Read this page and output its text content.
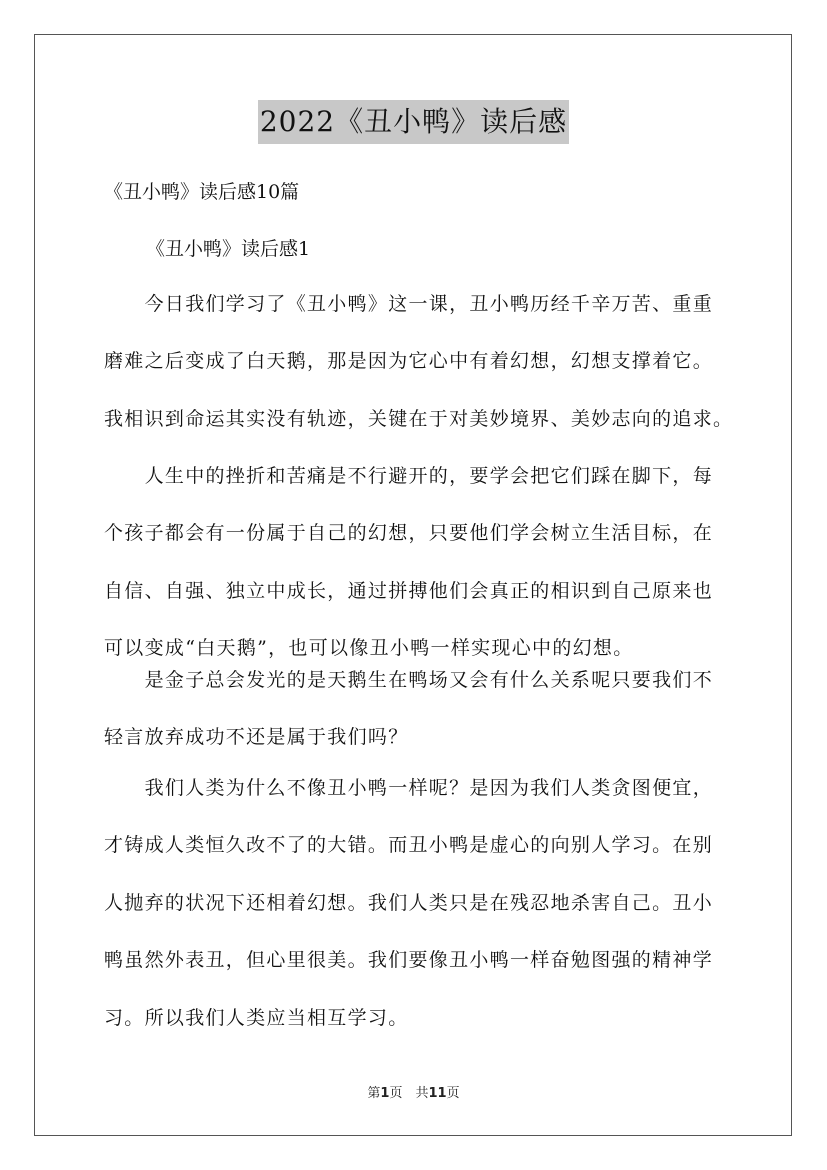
2022《丑小鸭》读后感
《丑小鸭》读后感10篇
《丑小鸭》读后感1
　　今日我们学习了《丑小鸭》这一课，丑小鸭历经千辛万苦、重重
磨难之后变成了白天鹅，那是因为它心中有着幻想，幻想支撑着它。
我相识到命运其实没有轨迹，关键在于对美妙境界、美妙志向的追求。
　　人生中的挫折和苦痛是不行避开的，要学会把它们踩在脚下，每
个孩子都会有一份属于自己的幻想，只要他们学会树立生活目标，在
自信、自强、独立中成长，通过拼搏他们会真正的相识到自己原来也
可以变成“白天鹅”，也可以像丑小鸭一样实现心中的幻想。
　　是金子总会发光的是天鹅生在鸭场又会有什么关系呢只要我们不
轻言放弃成功不还是属于我们吗？
　　我们人类为什么不像丑小鸭一样呢？是因为我们人类贪图便宜，
才铸成人类恒久改不了的大错。而丑小鸭是虚心的向别人学习。在别
人抛弃的状况下还相着幻想。我们人类只是在残忍地杀害自己。丑小
鸭虽然外表丑，但心里很美。我们要像丑小鸭一样奋勉图强的精神学
习。所以我们人类应当相互学习。
第1页　共11页
